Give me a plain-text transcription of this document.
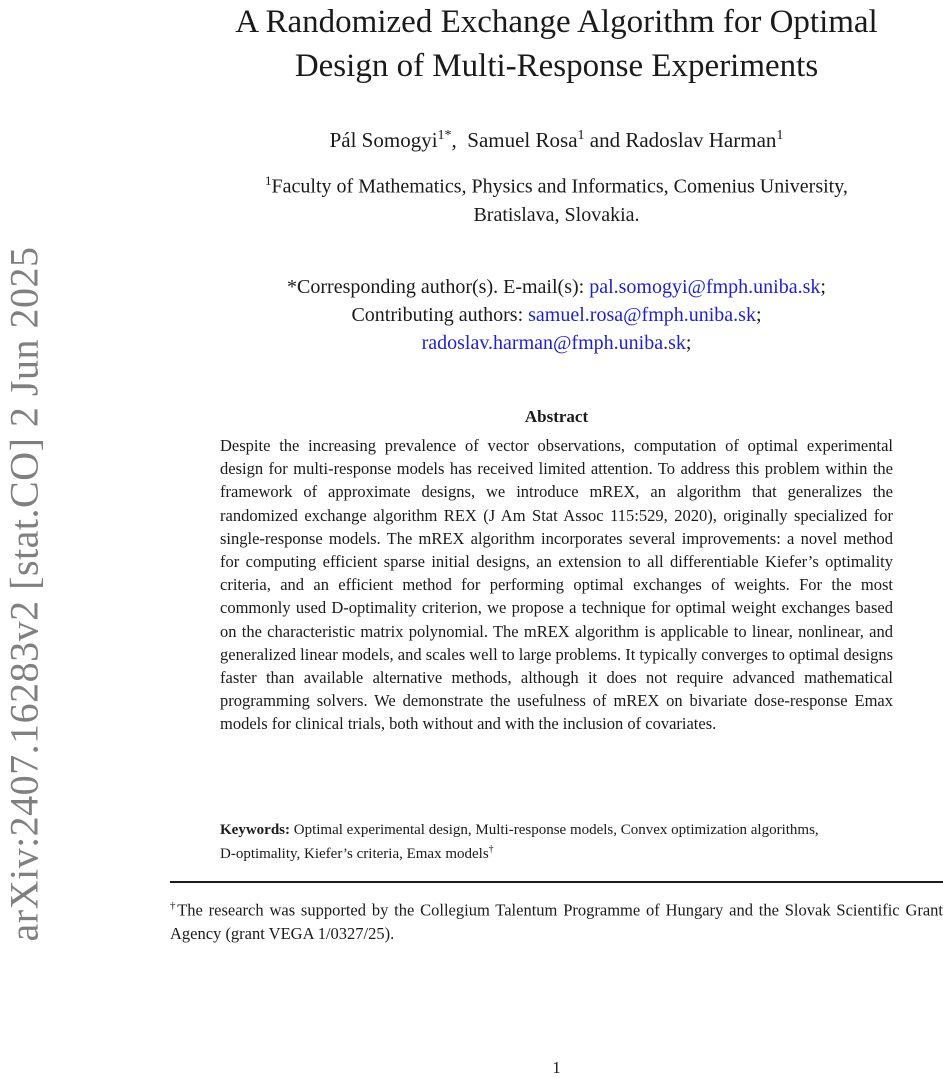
arXiv:2407.16283v2 [stat.CO] 2 Jun 2025
A Randomized Exchange Algorithm for Optimal
Design of Multi-Response Experiments
Pál Somogyi$^{1*}$, Samuel Rosa$^1$ and Radoslav Harman$^1$
$^1$Faculty of Mathematics, Physics and Informatics, Comenius University,
Bratislava, Slovakia.
*Corresponding author(s). E-mail(s): pal.somogyi@fmph.uniba.sk;
Contributing authors: samuel.rosa@fmph.uniba.sk;
radoslav.harman@fmph.uniba.sk;
Abstract
Despite the increasing prevalence of vector observations, computation of optimal experimental design for multi-response models has received limited attention. To address this problem within the framework of approximate designs, we introduce mREX, an algorithm that generalizes the randomized exchange algorithm REX (J Am Stat Assoc 115:529, 2020), originally specialized for single-response models. The mREX algorithm incorporates several improvements: a novel method for computing efficient sparse initial designs, an extension to all differentiable Kiefer’s optimality criteria, and an efficient method for performing optimal exchanges of weights. For the most commonly used D-optimality criterion, we propose a technique for optimal weight exchanges based on the characteristic matrix polynomial. The mREX algorithm is applicable to linear, nonlinear, and generalized linear models, and scales well to large problems. It typically converges to optimal designs faster than available alternative methods, although it does not require advanced mathematical programming solvers. We demonstrate the usefulness of mREX on bivariate dose-response Emax models for clinical trials, both without and with the inclusion of covariates.
Keywords: Optimal experimental design, Multi-response models, Convex optimization algorithms, D-optimality, Kiefer’s criteria, Emax models†
†The research was supported by the Collegium Talentum Programme of Hungary and the Slovak Scientific Grant Agency (grant VEGA 1/0327/25).
1
